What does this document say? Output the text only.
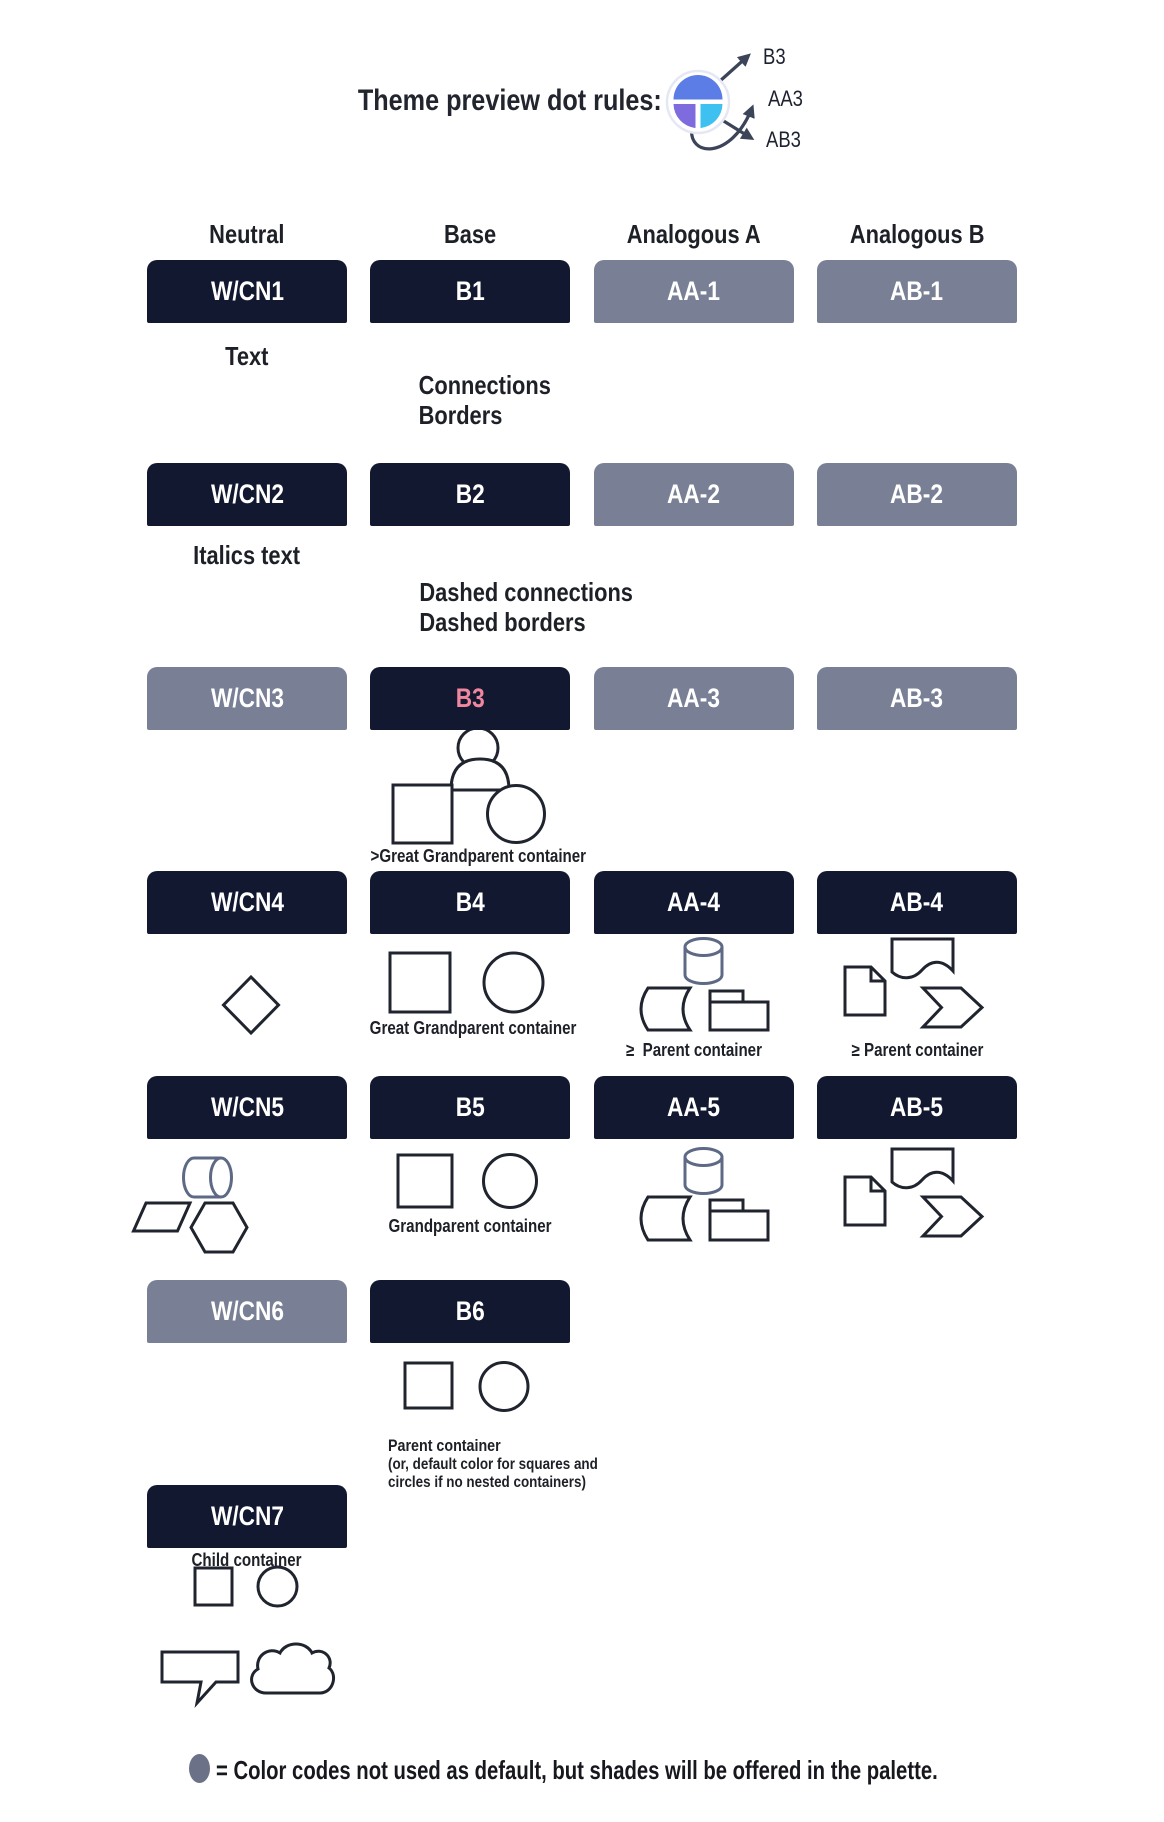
Theme preview dot rules:
B3
AA3
AB3
Neutral	Base	Analogous A	Analogous B
W/CN1	B1	AA-1	AB-1
W/CN2	B2	AA-2	AB-2
W/CN3	B3	AA-3	AB-3
W/CN4	B4	AA-4	AB-4
W/CN5	B5	AA-5	AB-5
W/CN6	B6
W/CN7
Text

Connections
Borders

Italics text

Dashed connections
Dashed borders

>Great Grandparent container
Great Grandparent container
≥  Parent container	≥ Parent container
Grandparent container

Parent container
(or, default color for squares and
circles if no nested containers)

Child container
= Color codes not used as default, but shades will be offered in the palette.
